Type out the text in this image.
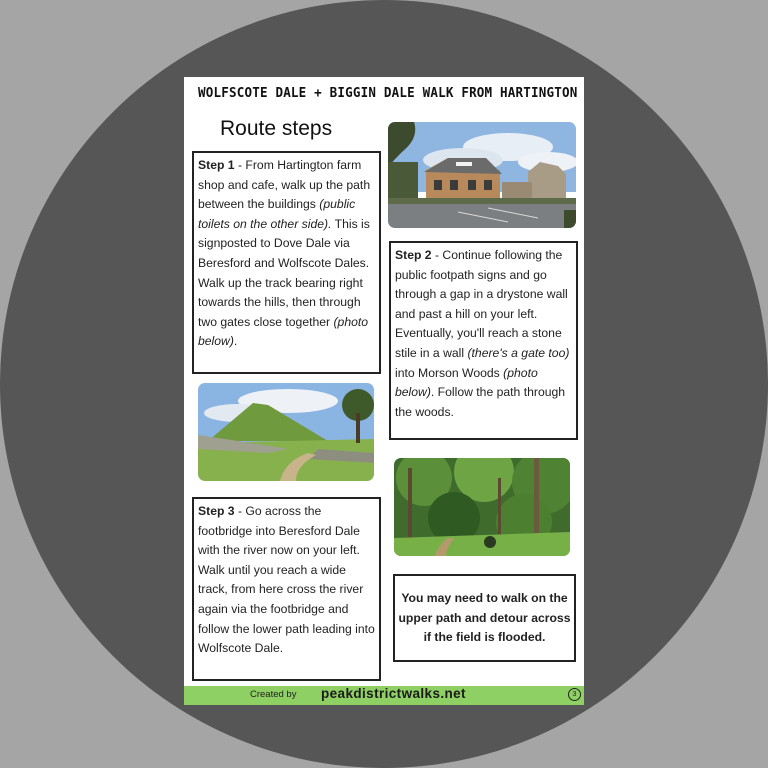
WOLFSCOTE DALE + BIGGIN DALE WALK FROM HARTINGTON
Route steps
Step 1 - From Hartington farm shop and cafe, walk up the path between the buildings (public toilets on the other side). This is signposted to Dove Dale via Beresford and Wolfscote Dales. Walk up the track bearing right towards the hills, then through two gates close together (photo below).
Step 2 - Continue following the public footpath signs and go through a gap in a drystone wall and past a hill on your left. Eventually, you'll reach a stone stile in a wall (there's a gate too) into Morson Woods (photo below). Follow the path through the woods.
Step 3 - Go across the footbridge into Beresford Dale with the river now on your left. Walk until you reach a wide track, from here cross the river again via the footbridge and follow the lower path leading into Wolfscote Dale.
You may need to walk on the upper path and detour across if the field is flooded.
Created by peakdistrictwalks.net	3
